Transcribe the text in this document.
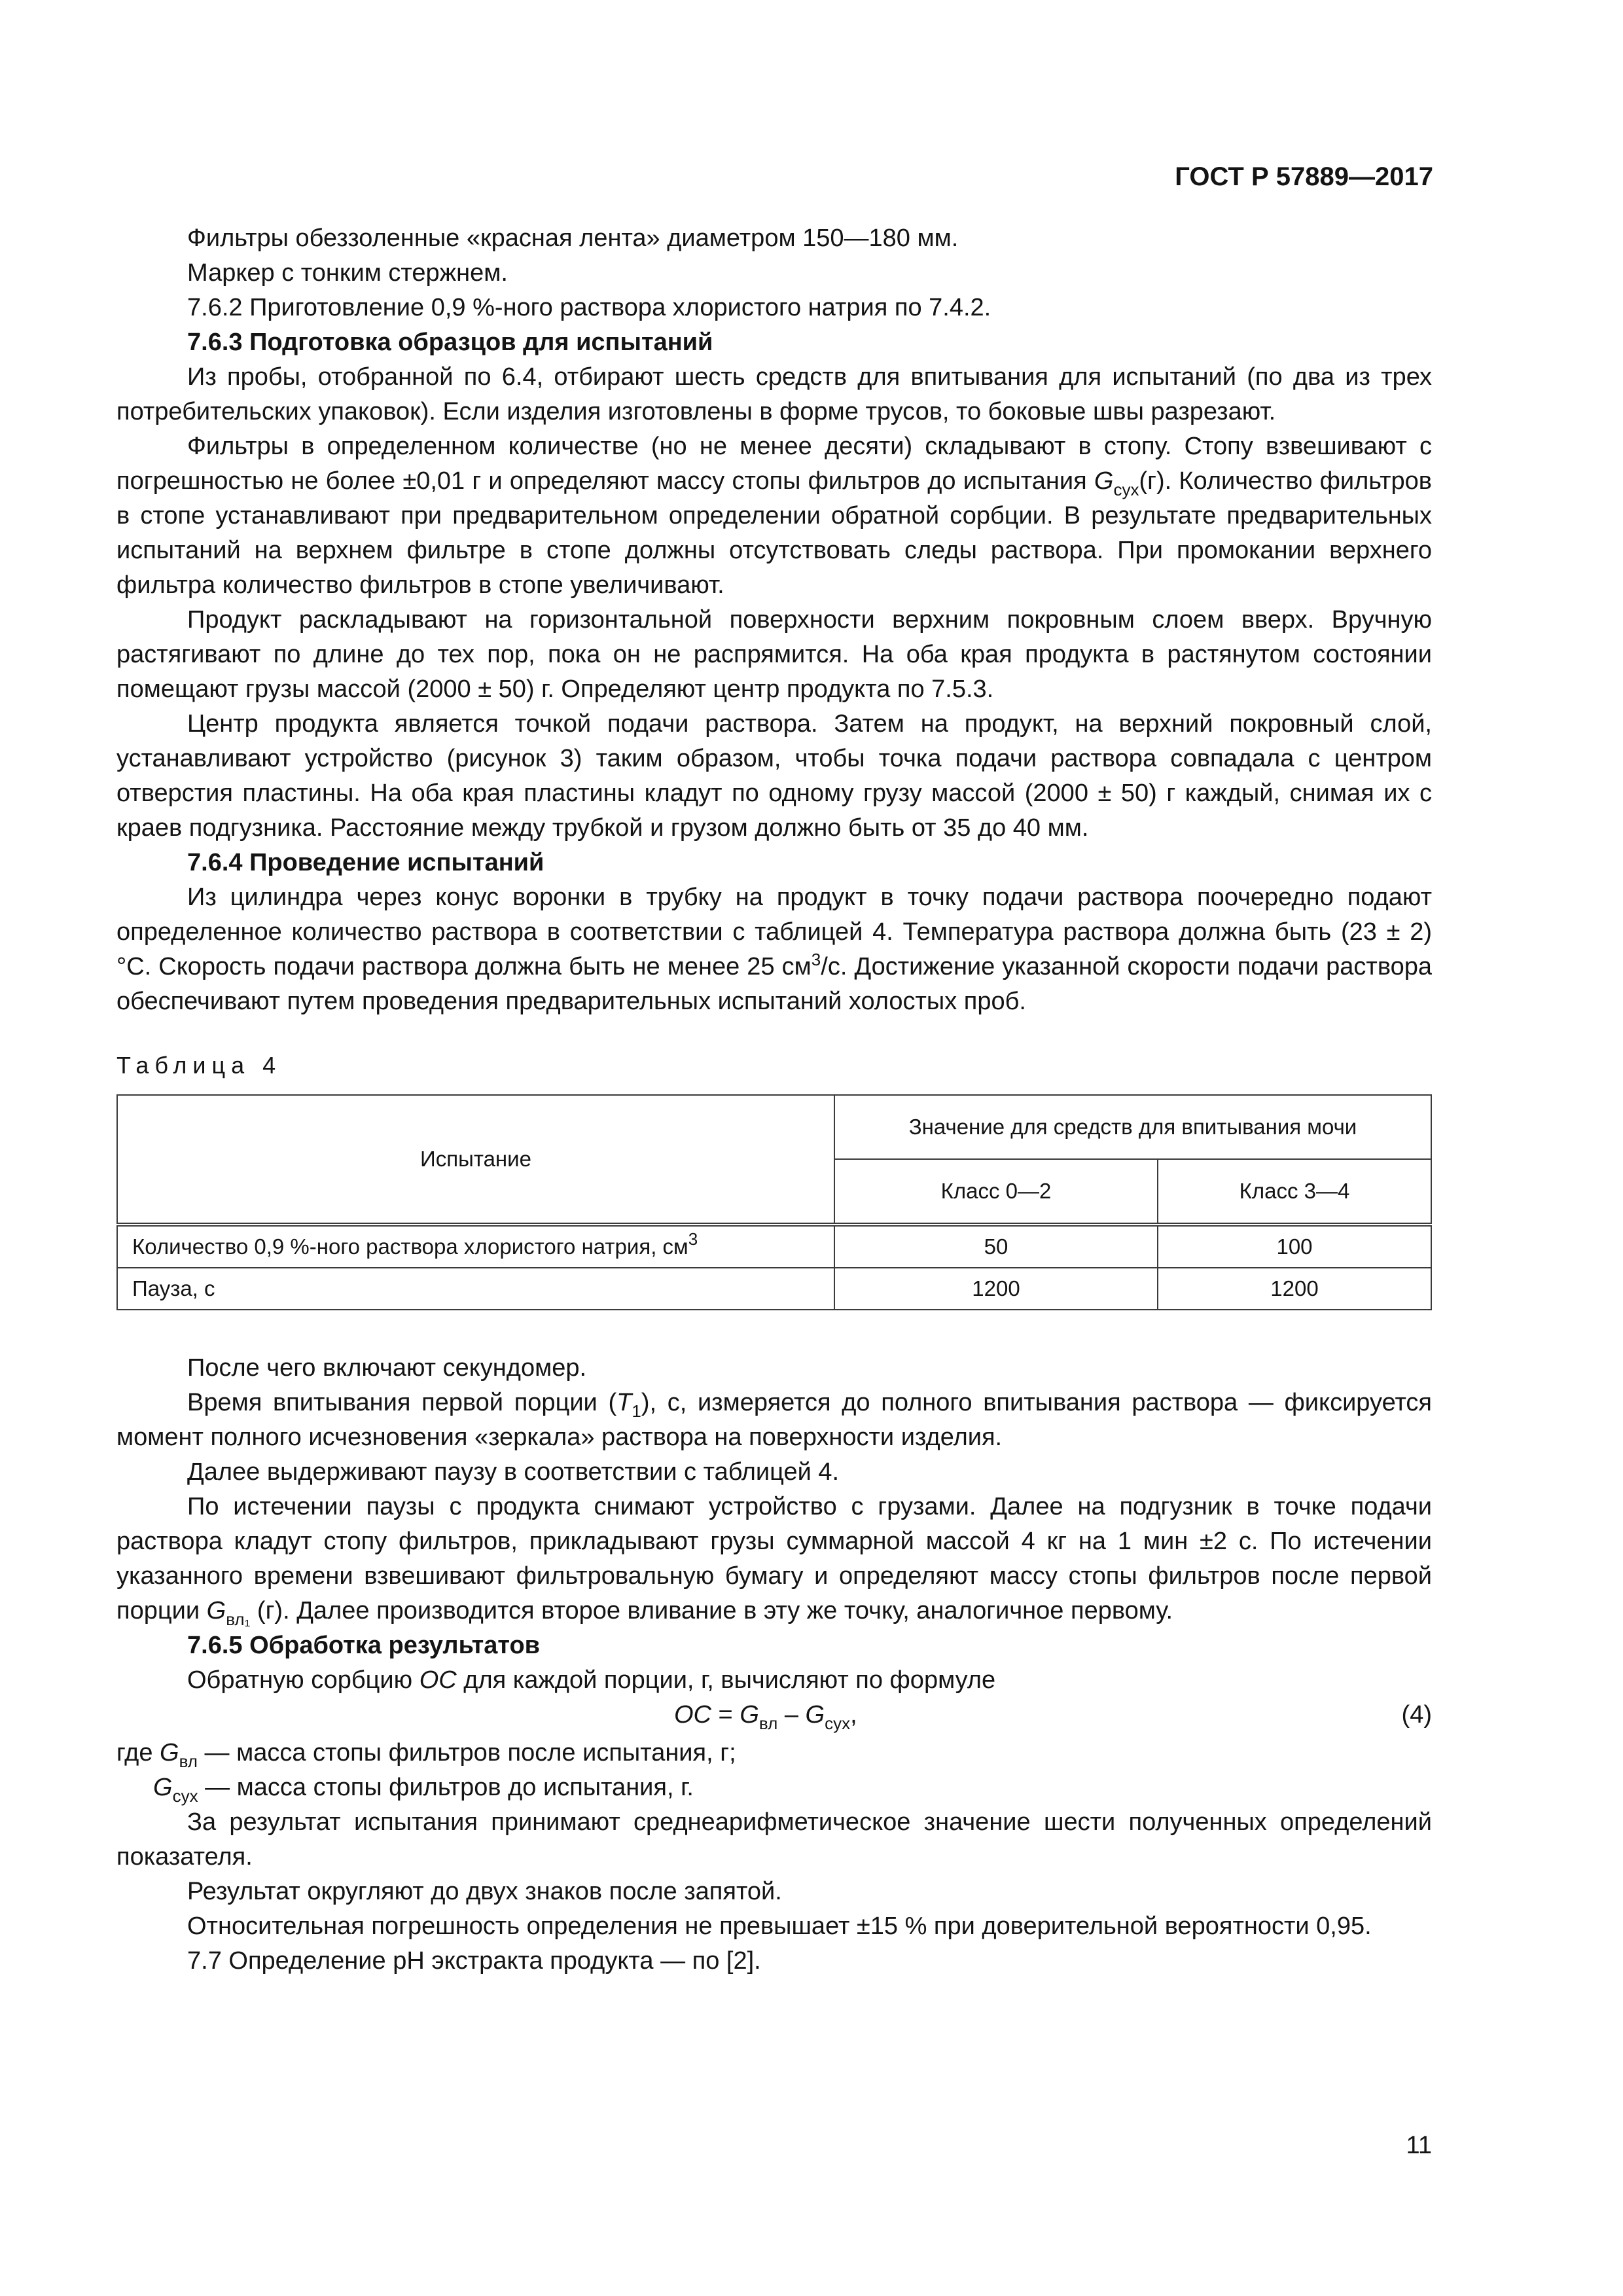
ГОСТ Р 57889—2017

Фильтры обеззоленные «красная лента» диаметром 150—180 мм.

Маркер с тонким стержнем.

7.6.2 Приготовление 0,9 %-ного раствора хлористого натрия по 7.4.2.

7.6.3 Подготовка образцов для испытаний

Из пробы, отобранной по 6.4, отбирают шесть средств для впитывания для испытаний (по два из трех потребительских упаковок). Если изделия изготовлены в форме трусов, то боковые швы разрезают.

Фильтры в определенном количестве (но не менее десяти) складывают в стопу. Стопу взвешивают с погрешностью не более ±0,01 г и определяют массу стопы фильтров до испытания $G_{сух}(г)$. Количество фильтров в стопе устанавливают при предварительном определении обратной сорбции. В результате предварительных испытаний на верхнем фильтре в стопе должны отсутствовать следы раствора. При промокании верхнего фильтра количество фильтров в стопе увеличивают.

Продукт раскладывают на горизонтальной поверхности верхним покровным слоем вверх. Вручную растягивают по длине до тех пор, пока он не распрямится. На оба края продукта в растянутом состоянии помещают грузы массой (2000 ± 50) г. Определяют центр продукта по 7.5.3.

Центр продукта является точкой подачи раствора. Затем на продукт, на верхний покровный слой, устанавливают устройство (рисунок 3) таким образом, чтобы точка подачи раствора совпадала с центром отверстия пластины. На оба края пластины кладут по одному грузу массой (2000 ± 50) г каждый, снимая их с краев подгузника. Расстояние между трубкой и грузом должно быть от 35 до 40 мм.

7.6.4 Проведение испытаний

Из цилиндра через конус воронки в трубку на продукт в точку подачи раствора поочередно подают определенное количество раствора в соответствии с таблицей 4. Температура раствора должна быть (23 ± 2) °С. Скорость подачи раствора должна быть не менее 25 $см^3/с$. Достижение указанной скорости подачи раствора обеспечивают путем проведения предварительных испытаний холостых проб.

Таблица 4

Испытание	Значение для средств для впитывания мочи	
	Класс 0—2	Класс 3—4
Количество 0,9 %-ного раствора хлористого натрия, $см^3$	50	100
Пауза, с	1200	1200

После чего включают секундомер.

Время впитывания первой порции $(T_1)$, с, измеряется до полного впитывания раствора — фиксируется момент полного исчезновения «зеркала» раствора на поверхности изделия.

Далее выдерживают паузу в соответствии с таблицей 4.

По истечении паузы с продукта снимают устройство с грузами. Далее на подгузник в точке подачи раствора кладут стопу фильтров, прикладывают грузы суммарной массой 4 кг на 1 мин ±2 с. По истечении указанного времени взвешивают фильтровальную бумагу и определяют массу стопы фильтров после первой порции $G_{вл_1}$ (г). Далее производится второе вливание в эту же точку, аналогичное первому.

7.6.5 Обработка результатов

Обратную сорбцию ОС для каждой порции, г, вычисляют по формуле

ОС = $G_{вл} - G_{сух}$,	(4)

где $G_{вл}$ — масса стопы фильтров после испытания, г;

$G_{сух}$ — масса стопы фильтров до испытания, г.

За результат испытания принимают среднеарифметическое значение шести полученных определений показателя.

Результат округляют до двух знаков после запятой.

Относительная погрешность определения не превышает ±15 % при доверительной вероятности 0,95.

7.7 Определение pH экстракта продукта — по [2].

11
